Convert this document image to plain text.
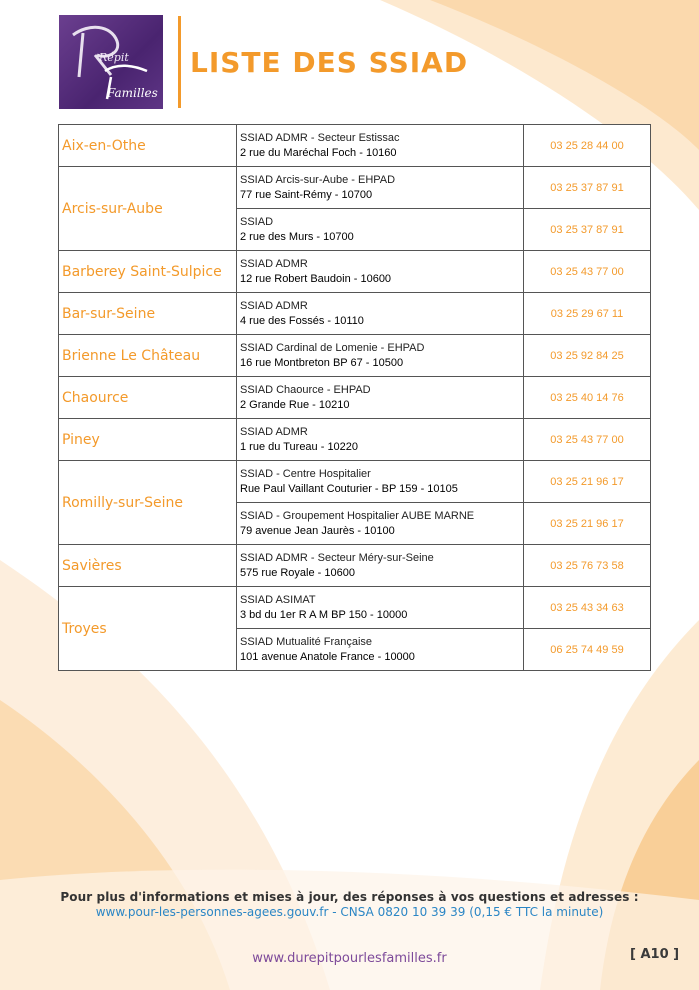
Répit
Familles
LISTE DES SSIAD
Aix-en-Othe	SSIAD ADMR - Secteur Estissac
2 rue du Maréchal Foch - 10160	03 25 28 44 00
Arcis-sur-Aube	SSIAD Arcis-sur-Aube - EHPAD
77 rue Saint-Rémy - 10700	03 25 37 87 91

	SSIAD
2 rue des Murs - 10700	03 25 37 87 91
Barberey Saint-Sulpice	SSIAD ADMR
12 rue Robert Baudoin - 10600	03 25 43 77 00
Bar-sur-Seine	SSIAD ADMR
4 rue des Fossés - 10110	03 25 29 67 11
Brienne Le Château	SSIAD Cardinal de Lomenie - EHPAD
16 rue Montbreton BP 67 - 10500	03 25 92 84 25
Chaource	SSIAD Chaource - EHPAD
2 Grande Rue - 10210	03 25 40 14 76
Piney	SSIAD ADMR
1 rue du Tureau - 10220	03 25 43 77 00
Romilly-sur-Seine	SSIAD - Centre Hospitalier
Rue Paul Vaillant Couturier - BP 159 - 10105	03 25 21 96 17

	SSIAD - Groupement Hospitalier AUBE MARNE
79 avenue Jean Jaurès - 10100	03 25 21 96 17
Savières	SSIAD ADMR - Secteur Méry-sur-Seine
575 rue Royale - 10600	03 25 76 73 58
Troyes	SSIAD ASIMAT
3 bd du 1er R A M BP 150 - 10000	03 25 43 34 63

	SSIAD Mutualité Française
101 avenue Anatole France - 10000	06 25 74 49 59
Pour plus d'informations et mises à jour, des réponses à vos questions et adresses :
www.pour-les-personnes-agees.gouv.fr - CNSA 0820 10 39 39 (0,15 € TTC la minute)
www.durepitpourlesfamilles.fr	[ A10 ]
